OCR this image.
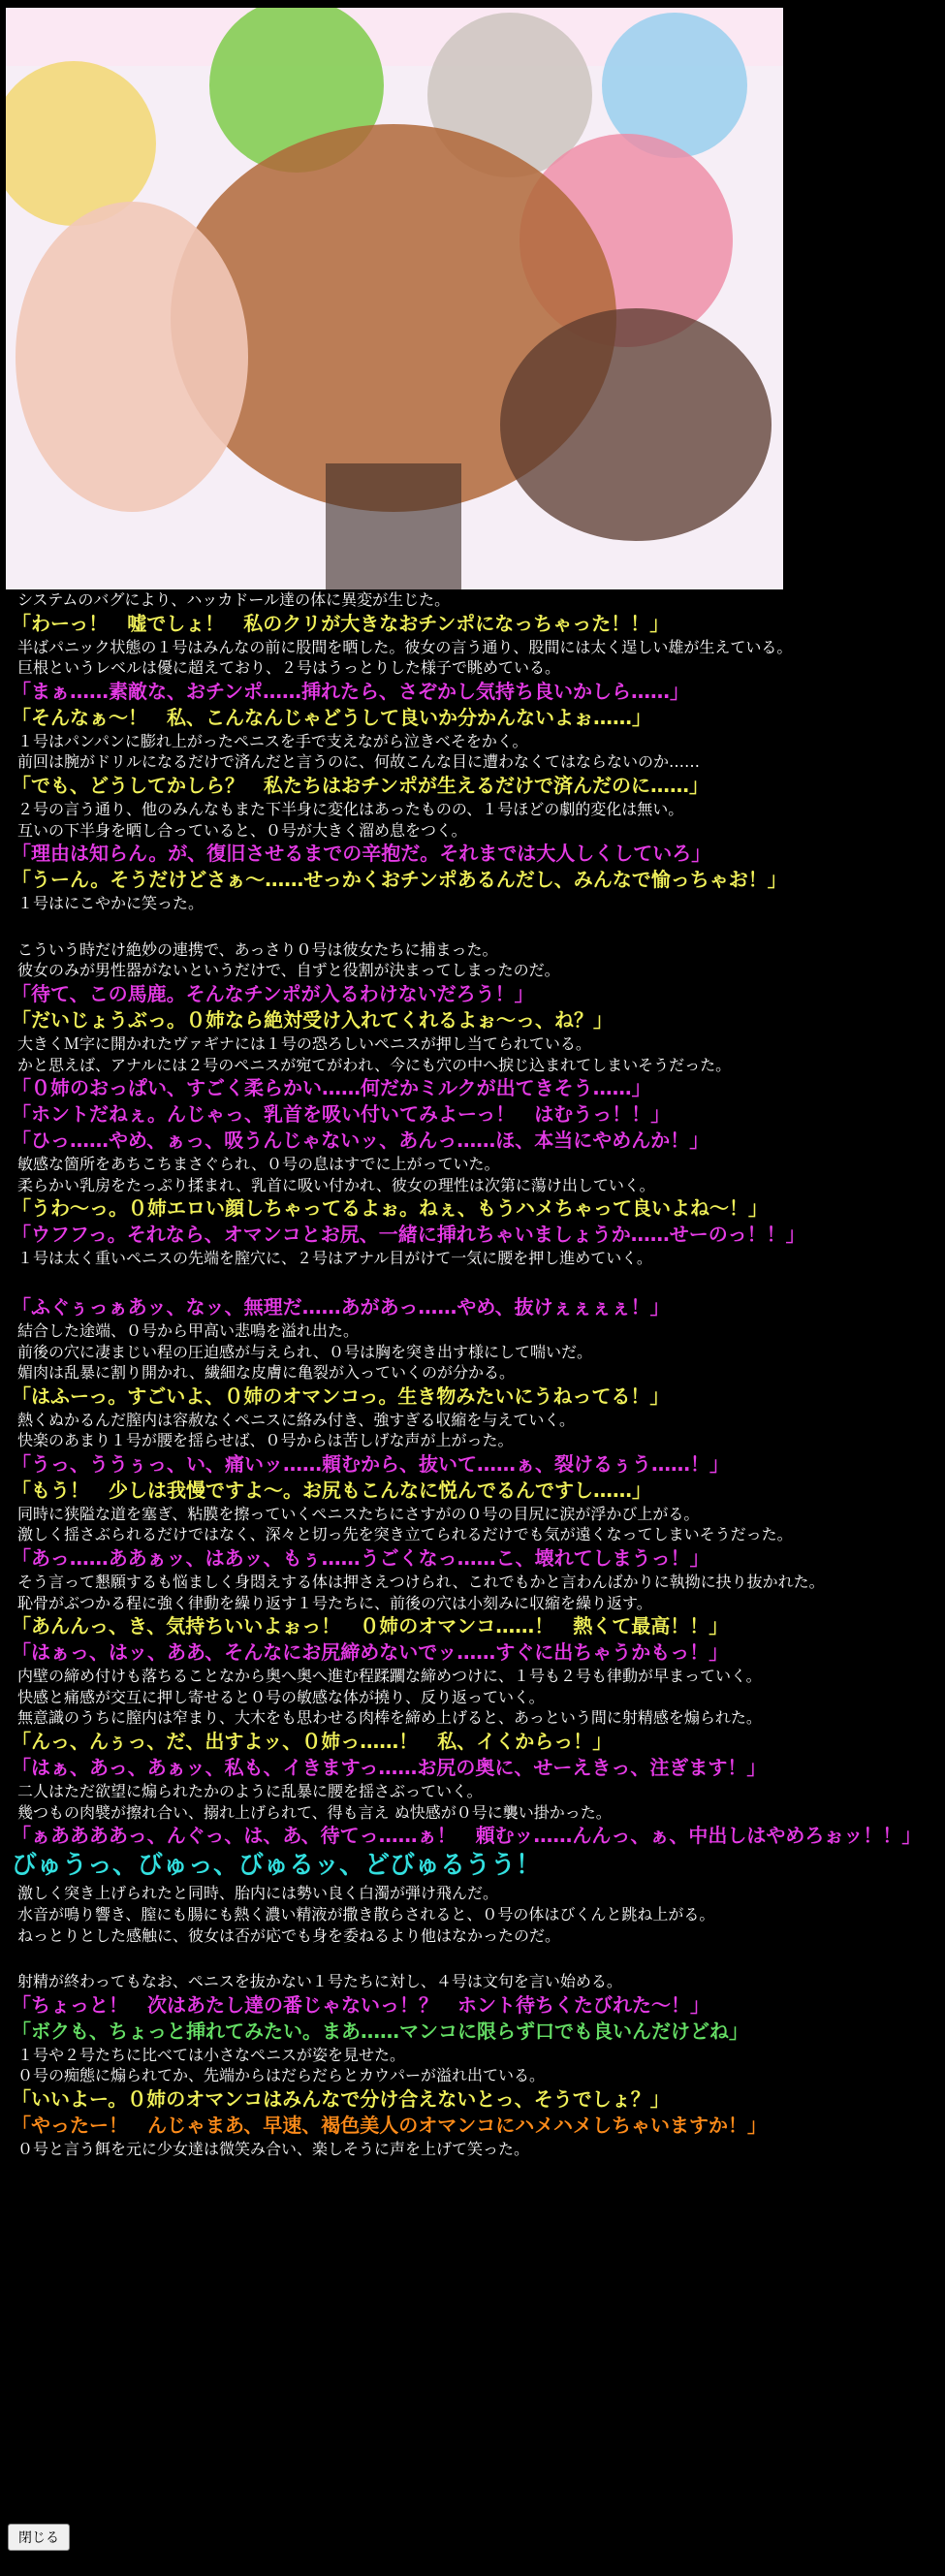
システムのバグにより、ハッカドール達の体に異変が生じた。

「わーっ！　嘘でしょ！　私のクリが大きなおチンポになっちゃった！！」

半ばパニック状態の１号はみんなの前に股間を晒した。彼女の言う通り、股間には太く逞しい雄が生えている。

巨根というレベルは優に超えており、２号はうっとりした様子で眺めている。

「まぁ……素敵な、おチンポ……挿れたら、さぞかし気持ち良いかしら……」

「そんなぁ～！　私、こんなんじゃどうして良いか分かんないよぉ……」

１号はパンパンに膨れ上がったペニスを手で支えながら泣きべそをかく。

前回は腕がドリルになるだけで済んだと言うのに、何故こんな目に遭わなくてはならないのか……

「でも、どうしてかしら？　私たちはおチンポが生えるだけで済んだのに……」

２号の言う通り、他のみんなもまた下半身に変化はあったものの、１号ほどの劇的変化は無い。

互いの下半身を晒し合っていると、０号が大きく溜め息をつく。

「理由は知らん。が、復旧させるまでの辛抱だ。それまでは大人しくしていろ」

「うーん。そうだけどさぁ～……せっかくおチンポあるんだし、みんなで愉っちゃお！」

１号はにこやかに笑った。

こういう時だけ絶妙の連携で、あっさり０号は彼女たちに捕まった。

彼女のみが男性器がないというだけで、自ずと役割が決まってしまったのだ。

「待て、この馬鹿。そんなチンポが入るわけないだろう！」

「だいじょうぶっ。０姉なら絶対受け入れてくれるよぉ～っ、ね？」

大きくＭ字に開かれたヴァギナには１号の恐ろしいペニスが押し当てられている。

かと思えば、アナルには２号のペニスが宛てがわれ、今にも穴の中へ捩じ込まれてしまいそうだった。

「０姉のおっぱい、すごく柔らかい……何だかミルクが出てきそう……」

「ホントだねぇ。んじゃっ、乳首を吸い付いてみよーっ！　はむうっ！！」

「ひっ……やめ、ぁっ、吸うんじゃないッ、あんっ……ほ、本当にやめんか！」

敏感な箇所をあちこちまさぐられ、０号の息はすでに上がっていた。

柔らかい乳房をたっぷり揉まれ、乳首に吸い付かれ、彼女の理性は次第に蕩け出していく。

「うわ～っ。０姉エロい顔しちゃってるよぉ。ねぇ、もうハメちゃって良いよね～！」

「ウフフっ。それなら、オマンコとお尻、一緒に挿れちゃいましょうか……せーのっ！！」

１号は太く重いペニスの先端を膣穴に、２号はアナル目がけて一気に腰を押し進めていく。

「ふぐぅっぁあッ、なッ、無理だ……あがあっ……やめ、抜けぇぇぇぇ！」

結合した途端、０号から甲高い悲鳴を溢れ出た。

前後の穴に凄まじい程の圧迫感が与えられ、０号は胸を突き出す様にして喘いだ。

媚肉は乱暴に割り開かれ、繊細な皮膚に亀裂が入っていくのが分かる。

「はふーっ。すごいよ、０姉のオマンコっ。生き物みたいにうねってる！」

熱くぬかるんだ膣内は容赦なくペニスに絡み付き、強すぎる収縮を与えていく。

快楽のあまり１号が腰を揺らせば、０号からは苦しげな声が上がった。

「うっ、ううぅっ、い、痛いッ……頼むから、抜いて……ぁ、裂けるぅう……！」

「もう！　少しは我慢ですよ～。お尻もこんなに悦んでるんですし……」

同時に狭隘な道を塞ぎ、粘膜を擦っていくペニスたちにさすがの０号の目尻に涙が浮かび上がる。

激しく揺さぶられるだけではなく、深々と切っ先を突き立てられるだけでも気が遠くなってしまいそうだった。

「あっ……ああぁッ、はあッ、もぅ……うごくなっ……こ、壊れてしまうっ！」

そう言って懇願するも悩ましく身悶えする体は押さえつけられ、これでもかと言わんばかりに執拗に抉り抜かれた。

恥骨がぶつかる程に強く律動を繰り返す１号たちに、前後の穴は小刻みに収縮を繰り返す。

「あんんっ、き、気持ちいいよぉっ！　０姉のオマンコ……！　熱くて最高！！」

「はぁっ、はッ、ああ、そんなにお尻締めないでッ……すぐに出ちゃうかもっ！」

内壁の締め付けも落ちることなから奥へ奥へ進む程蹂躙な締めつけに、１号も２号も律動が早まっていく。

快感と痛感が交互に押し寄せると０号の敏感な体が撓り、反り返っていく。

無意識のうちに膣内は窄まり、大木をも思わせる肉棒を締め上げると、あっという間に射精感を煽られた。

「んっ、んぅっ、だ、出すよッ、０姉っ……！　私、イくからっ！」

「はぁ、あっ、あぁッ、私も、イきますっ……お尻の奥に、せーえきっ、注ぎます！」

二人はただ欲望に煽られたかのように乱暴に腰を揺さぶっていく。

幾つもの肉襞が擦れ合い、搦れ上げられて、得も言え ぬ快感が０号に襲い掛かった。

「ぁああああっ、んぐっ、は、あ、待てっ……ぁ！　頼むッ……んんっ、ぁ、中出しはやめろぉッ！！」

びゅうっ、びゅっ、びゅるッ、どびゅるうう！

激しく突き上げられたと同時、胎内には勢い良く白濁が弾け飛んだ。

水音が鳴り響き、膣にも腸にも熱く濃い精液が撒き散らされると、０号の体はびくんと跳ね上がる。

ねっとりとした感触に、彼女は否が応でも身を委ねるより他はなかったのだ。

射精が終わってもなお、ペニスを抜かない１号たちに対し、４号は文句を言い始める。

「ちょっと！　次はあたし達の番じゃないっ！？　ホント待ちくたびれた～！」

「ボクも、ちょっと挿れてみたい。まあ……マンコに限らず口でも良いんだけどね」

１号や２号たちに比べては小さなペニスが姿を見せた。

０号の痴態に煽られてか、先端からはだらだらとカウパーが溢れ出ている。

「いいよー。０姉のオマンコはみんなで分け合えないとっ、そうでしょ？」

「やったー！　んじゃまあ、早速、褐色美人のオマンコにハメハメしちゃいますか！」

０号と言う餌を元に少女達は微笑み合い、楽しそうに声を上げて笑った。

閉じる
